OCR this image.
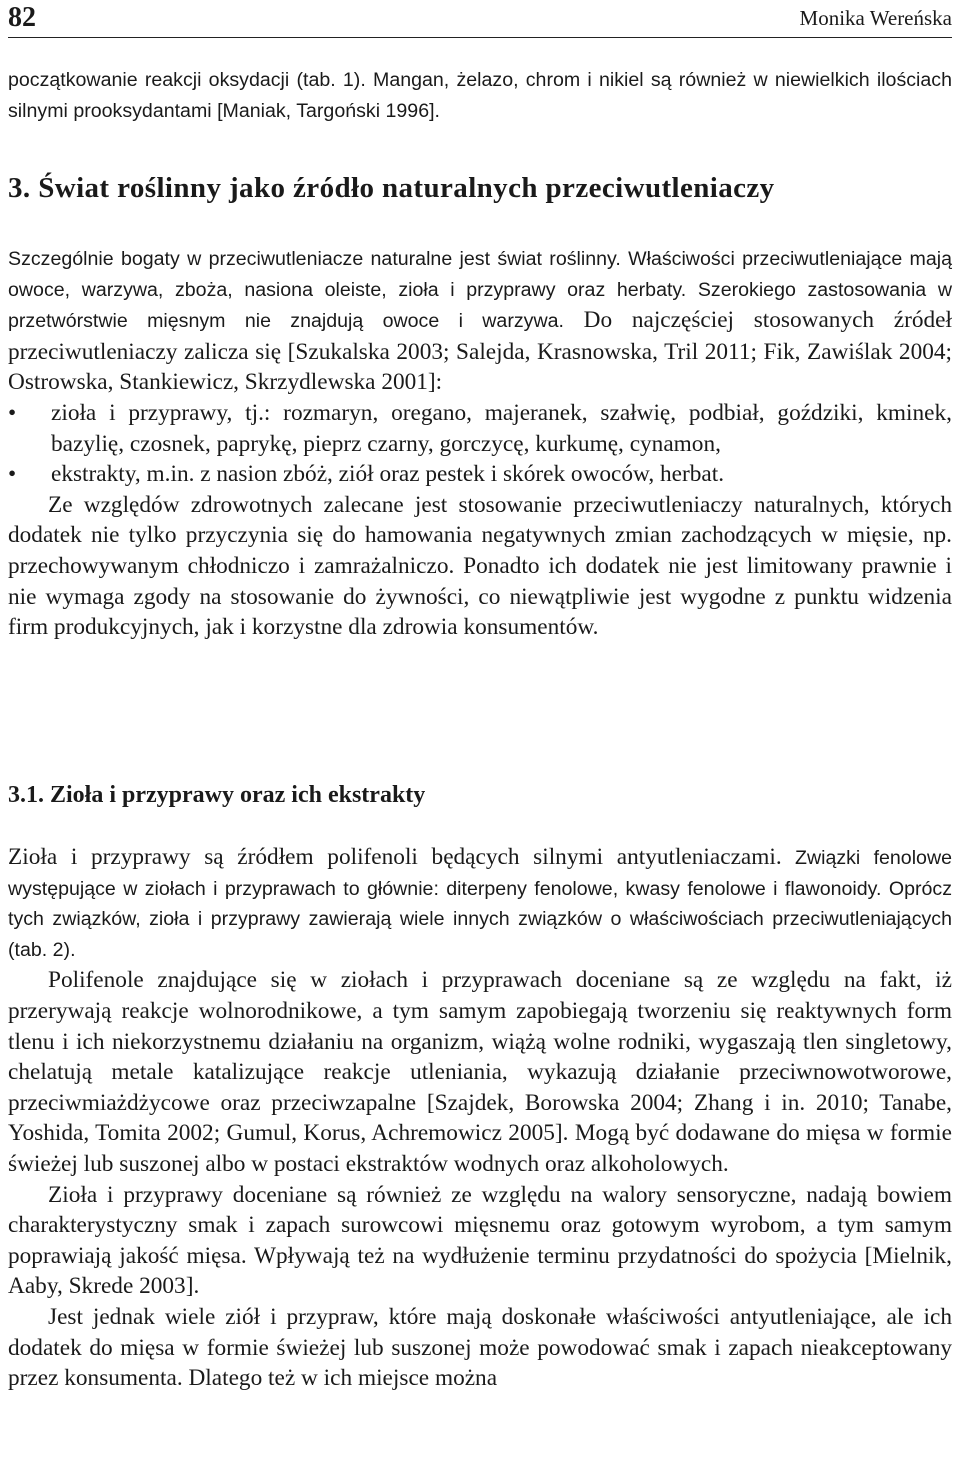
82	Monika Wereńska

początkowanie reakcji oksydacji (tab. 1). Mangan, żelazo, chrom i nikiel są również w niewielkich ilościach silnymi prooksydantami [Maniak, Targoński 1996].

3. Świat roślinny jako źródło naturalnych przeciwutleniaczy

Szczególnie bogaty w przeciwutleniacze naturalne jest świat roślinny. Właściwości przeciwutleniające mają owoce, warzywa, zboża, nasiona oleiste, zioła i przyprawy oraz herbaty. Szerokiego zastosowania w przetwórstwie mięsnym nie znajdują owoce i warzywa. Do najczęściej stosowanych źródeł przeciwutleniaczy zalicza się [Szukalska 2003; Salejda, Krasnowska, Tril 2011; Fik, Zawiślak 2004; Ostrowska, Stankiewicz, Skrzydlewska 2001]:

• zioła i przyprawy, tj.: rozmaryn, oregano, majeranek, szałwię, podbiał, goździki, kminek, bazylię, czosnek, paprykę, pieprz czarny, gorczycę, kurkumę, cynamon,
• ekstrakty, m.in. z nasion zbóż, ziół oraz pestek i skórek owoców, herbat.

Ze względów zdrowotnych zalecane jest stosowanie przeciwutleniaczy naturalnych, których dodatek nie tylko przyczynia się do hamowania negatywnych zmian zachodzących w mięsie, np. przechowywanym chłodniczo i zamrażalniczo. Ponadto ich dodatek nie jest limitowany prawnie i nie wymaga zgody na stosowanie do żywności, co niewątpliwie jest wygodne z punktu widzenia firm produkcyjnych, jak i korzystne dla zdrowia konsumentów.

3.1. Zioła i przyprawy oraz ich ekstrakty

Zioła i przyprawy są źródłem polifenoli będących silnymi antyutleniaczami. Związki fenolowe występujące w ziołach i przyprawach to głównie: diterpeny fenolowe, kwasy fenolowe i flawonoidy. Oprócz tych związków, zioła i przyprawy zawierają wiele innych związków o właściwościach przeciwutleniających (tab. 2).

Polifenole znajdujące się w ziołach i przyprawach doceniane są ze względu na fakt, iż przerywają reakcje wolnorodnikowe, a tym samym zapobiegają tworzeniu się reaktywnych form tlenu i ich niekorzystnemu działaniu na organizm, wiążą wolne rodniki, wygaszają tlen singletowy, chelatują metale katalizujące reakcje utleniania, wykazują działanie przeciwnowotworowe, przeciwmiażdżycowe oraz przeciwzapalne [Szajdek, Borowska 2004; Zhang i in. 2010; Tanabe, Yoshida, Tomita 2002; Gumul, Korus, Achremowicz 2005]. Mogą być dodawane do mięsa w formie świeżej lub suszonej albo w postaci ekstraktów wodnych oraz alkoholowych.

Zioła i przyprawy doceniane są również ze względu na walory sensoryczne, nadają bowiem charakterystyczny smak i zapach surowcowi mięsnemu oraz gotowym wyrobom, a tym samym poprawiają jakość mięsa. Wpływają też na wydłużenie terminu przydatności do spożycia [Mielnik, Aaby, Skrede 2003].

Jest jednak wiele ziół i przypraw, które mają doskonałe właściwości antyutleniające, ale ich dodatek do mięsa w formie świeżej lub suszonej może powodować smak i zapach nieakceptowany przez konsumenta. Dlatego też w ich miejsce można
